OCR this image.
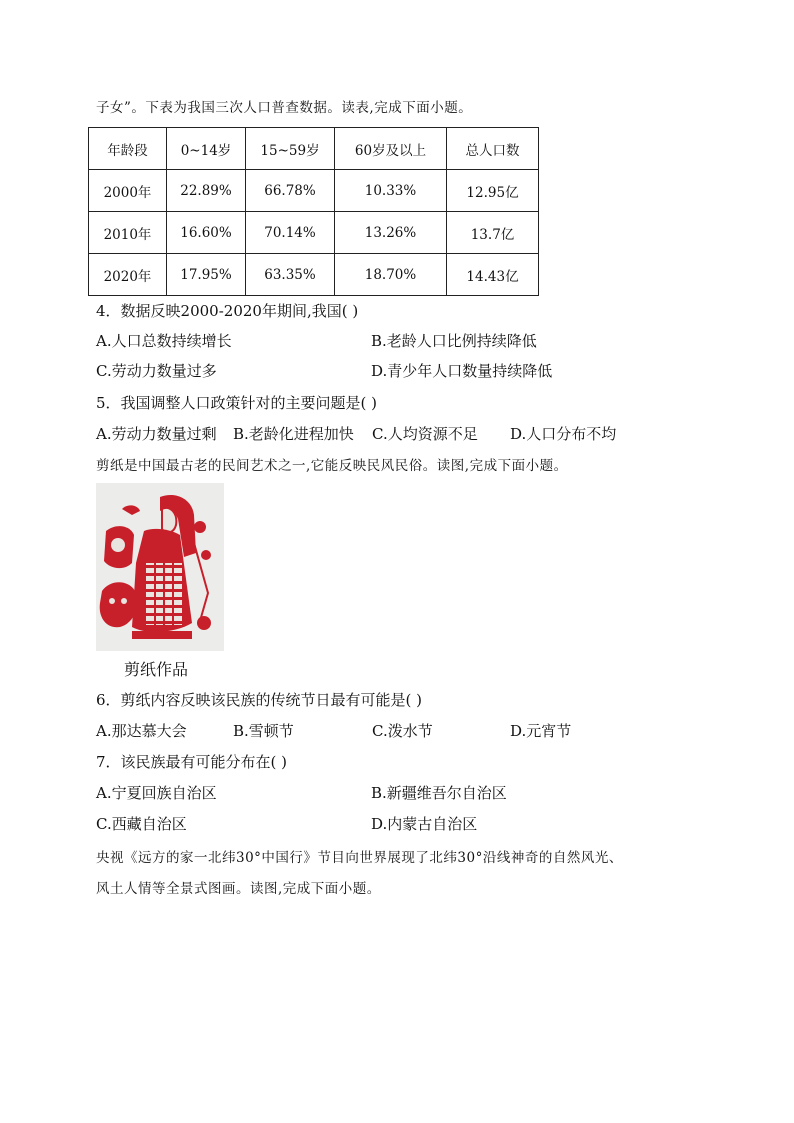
子女”。下表为我国三次人口普查数据。读表,完成下面小题。
年龄段	0~14岁	15~59岁	60岁及以上	总人口数
2000年	22.89%	66.78%	10.33%	12.95亿
2010年	16.60%	70.14%	13.26%	13.7亿
2020年	17.95%	63.35%	18.70%	14.43亿
4．数据反映2000-2020年期间,我国( )
A.人口总数持续增长	B.老龄人口比例持续降低
C.劳动力数量过多	D.青少年人口数量持续降低
5．我国调整人口政策针对的主要问题是( )
A.劳动力数量过剩 B.老龄化进程加快 C.人均资源不足 D.人口分布不均
剪纸是中国最古老的民间艺术之一,它能反映民风民俗。读图,完成下面小题。
剪纸作品
6．剪纸内容反映该民族的传统节日最有可能是( )
A.那达慕大会	B.雪顿节	C.泼水节	D.元宵节
7．该民族最有可能分布在( )
A.宁夏回族自治区	B.新疆维吾尔自治区
C.西藏自治区	D.内蒙古自治区
央视《远方的家一北纬30°中国行》节目向世界展现了北纬30°沿线神奇的自然风光、
风土人情等全景式图画。读图,完成下面小题。
